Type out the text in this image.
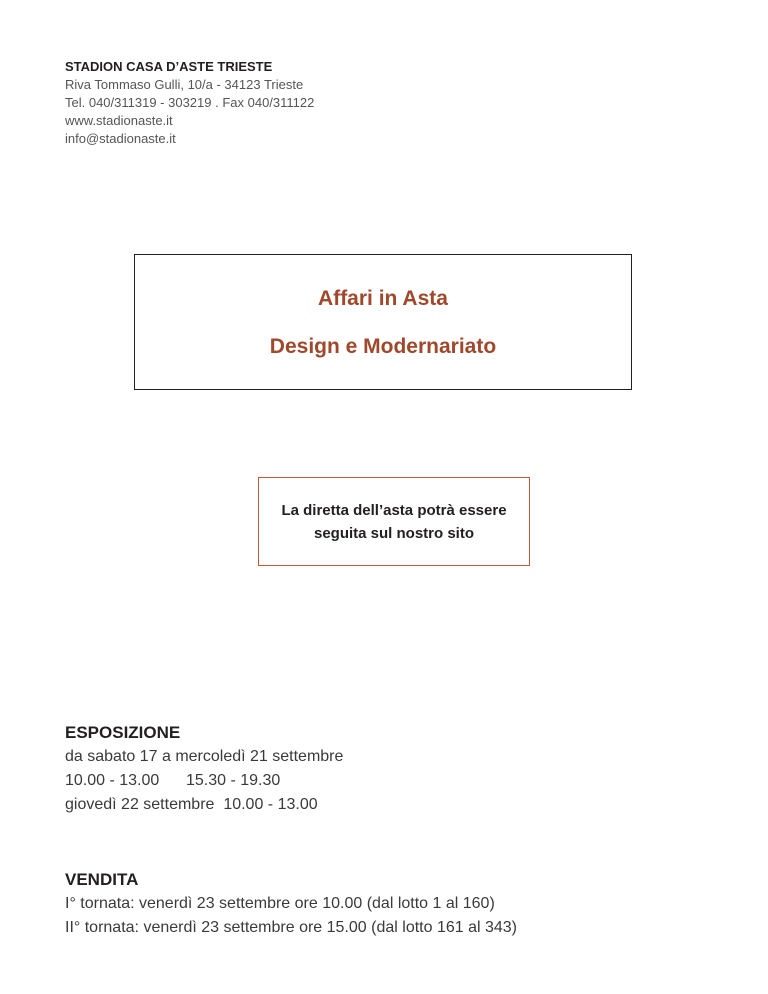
STADION CASA D’ASTE TRIESTE
Riva Tommaso Gulli, 10/a - 34123 Trieste
Tel. 040/311319 - 303219 . Fax 040/311122
www.stadionaste.it
info@stadionaste.it
Affari in Asta
Design e Modernariato
La diretta dell’asta potrà essere seguita sul nostro sito
ESPOSIZIONE
da sabato 17 a mercoledì 21 settembre
10.00 - 13.00      15.30 - 19.30
giovedì 22 settembre  10.00 - 13.00
VENDITA
I° tornata: venerdì 23 settembre ore 10.00 (dal lotto 1 al 160)
II° tornata: venerdì 23 settembre ore 15.00 (dal lotto 161 al 343)
